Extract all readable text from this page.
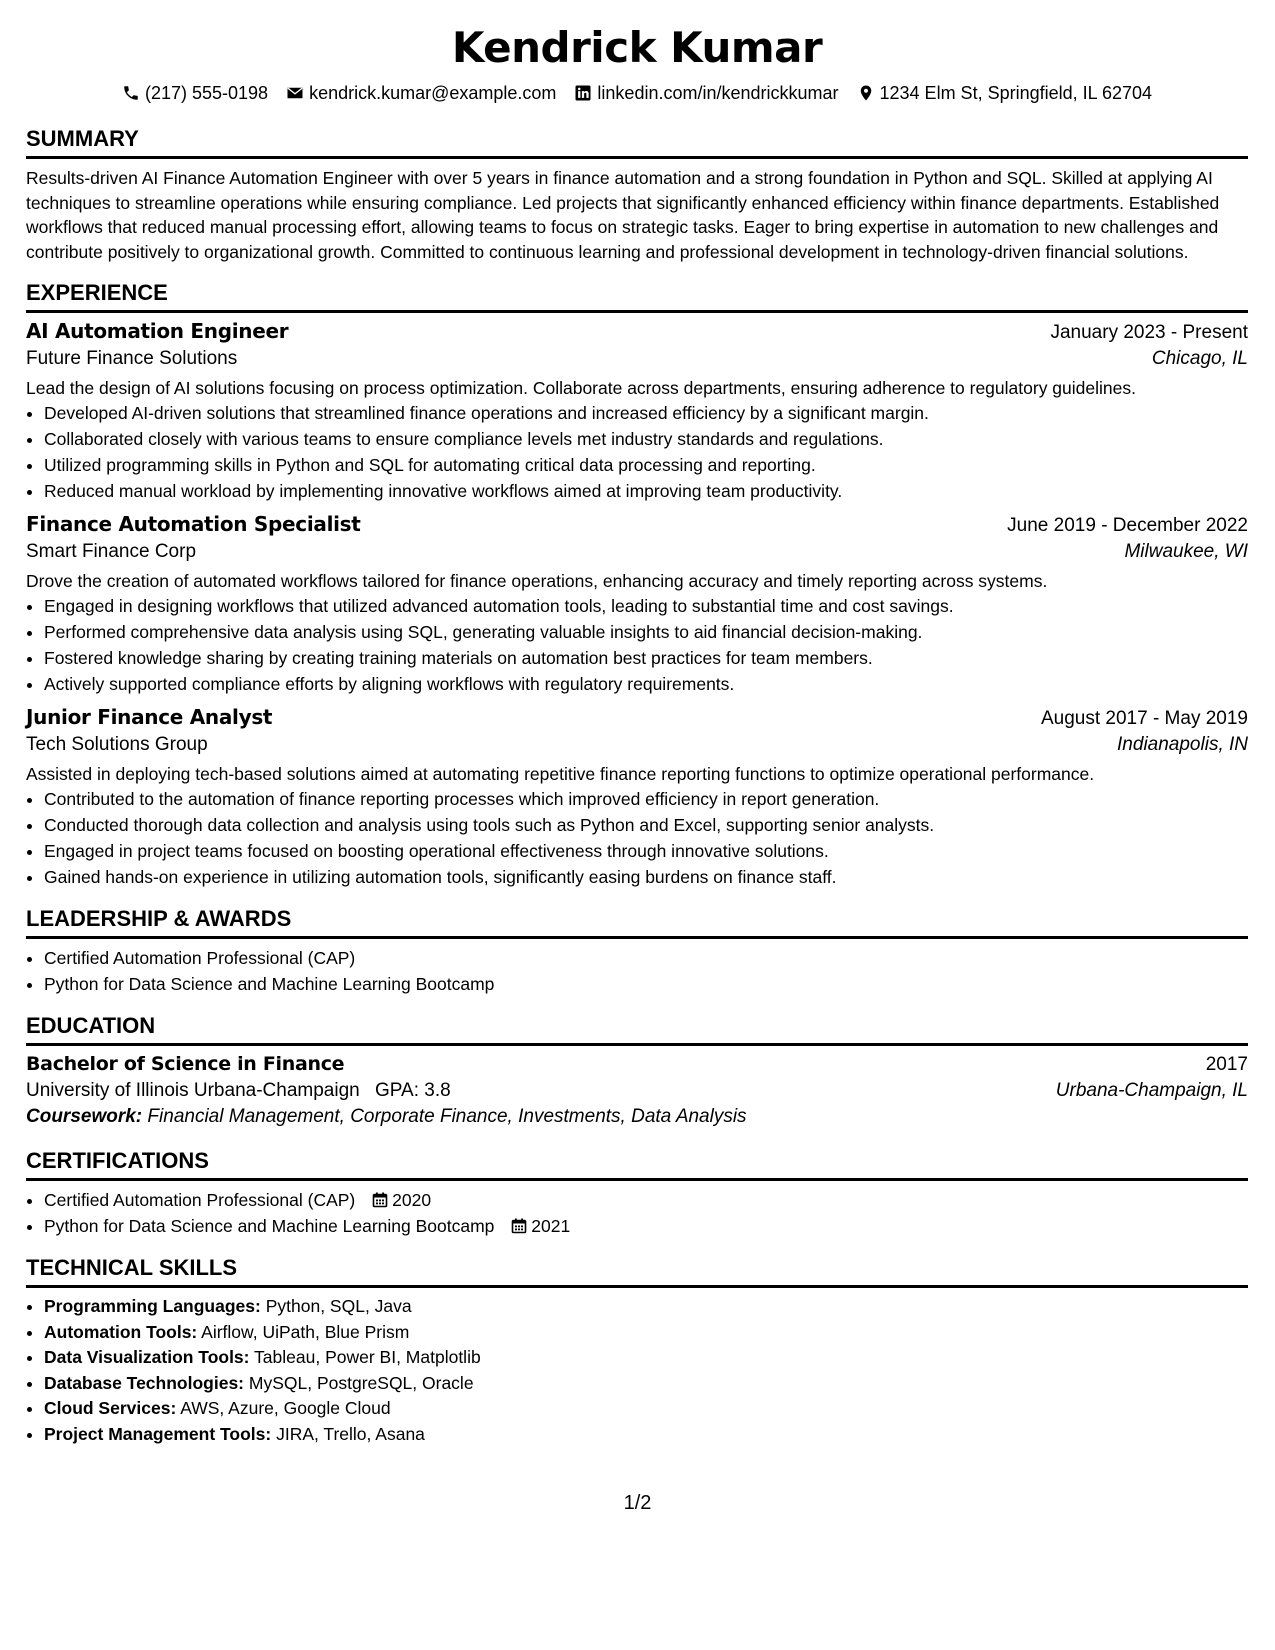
Kendrick Kumar
(217) 555-0198 kendrick.kumar@example.com linkedin.com/in/kendrickkumar 1234 Elm St, Springfield, IL 62704
SUMMARY
Results-driven AI Finance Automation Engineer with over 5 years in finance automation and a strong foundation in Python and SQL. Skilled at applying AI techniques to streamline operations while ensuring compliance. Led projects that significantly enhanced efficiency within finance departments. Established workflows that reduced manual processing effort, allowing teams to focus on strategic tasks. Eager to bring expertise in automation to new challenges and contribute positively to organizational growth. Committed to continuous learning and professional development in technology-driven financial solutions.
EXPERIENCE
AI Automation Engineer	January 2023 - Present
Future Finance Solutions	Chicago, IL
Lead the design of AI solutions focusing on process optimization. Collaborate across departments, ensuring adherence to regulatory guidelines.
• Developed AI-driven solutions that streamlined finance operations and increased efficiency by a significant margin.
• Collaborated closely with various teams to ensure compliance levels met industry standards and regulations.
• Utilized programming skills in Python and SQL for automating critical data processing and reporting.
• Reduced manual workload by implementing innovative workflows aimed at improving team productivity.
Finance Automation Specialist	June 2019 - December 2022
Smart Finance Corp	Milwaukee, WI
Drove the creation of automated workflows tailored for finance operations, enhancing accuracy and timely reporting across systems.
• Engaged in designing workflows that utilized advanced automation tools, leading to substantial time and cost savings.
• Performed comprehensive data analysis using SQL, generating valuable insights to aid financial decision-making.
• Fostered knowledge sharing by creating training materials on automation best practices for team members.
• Actively supported compliance efforts by aligning workflows with regulatory requirements.
Junior Finance Analyst	August 2017 - May 2019
Tech Solutions Group	Indianapolis, IN
Assisted in deploying tech-based solutions aimed at automating repetitive finance reporting functions to optimize operational performance.
• Contributed to the automation of finance reporting processes which improved efficiency in report generation.
• Conducted thorough data collection and analysis using tools such as Python and Excel, supporting senior analysts.
• Engaged in project teams focused on boosting operational effectiveness through innovative solutions.
• Gained hands-on experience in utilizing automation tools, significantly easing burdens on finance staff.
LEADERSHIP & AWARDS
• Certified Automation Professional (CAP)
• Python for Data Science and Machine Learning Bootcamp
EDUCATION
Bachelor of Science in Finance	2017
University of Illinois Urbana-Champaign GPA: 3.8	Urbana-Champaign, IL
Coursework: Financial Management, Corporate Finance, Investments, Data Analysis
CERTIFICATIONS
• Certified Automation Professional (CAP) 2020
• Python for Data Science and Machine Learning Bootcamp 2021
TECHNICAL SKILLS
• Programming Languages: Python, SQL, Java
• Automation Tools: Airflow, UiPath, Blue Prism
• Data Visualization Tools: Tableau, Power BI, Matplotlib
• Database Technologies: MySQL, PostgreSQL, Oracle
• Cloud Services: AWS, Azure, Google Cloud
• Project Management Tools: JIRA, Trello, Asana
1/2
